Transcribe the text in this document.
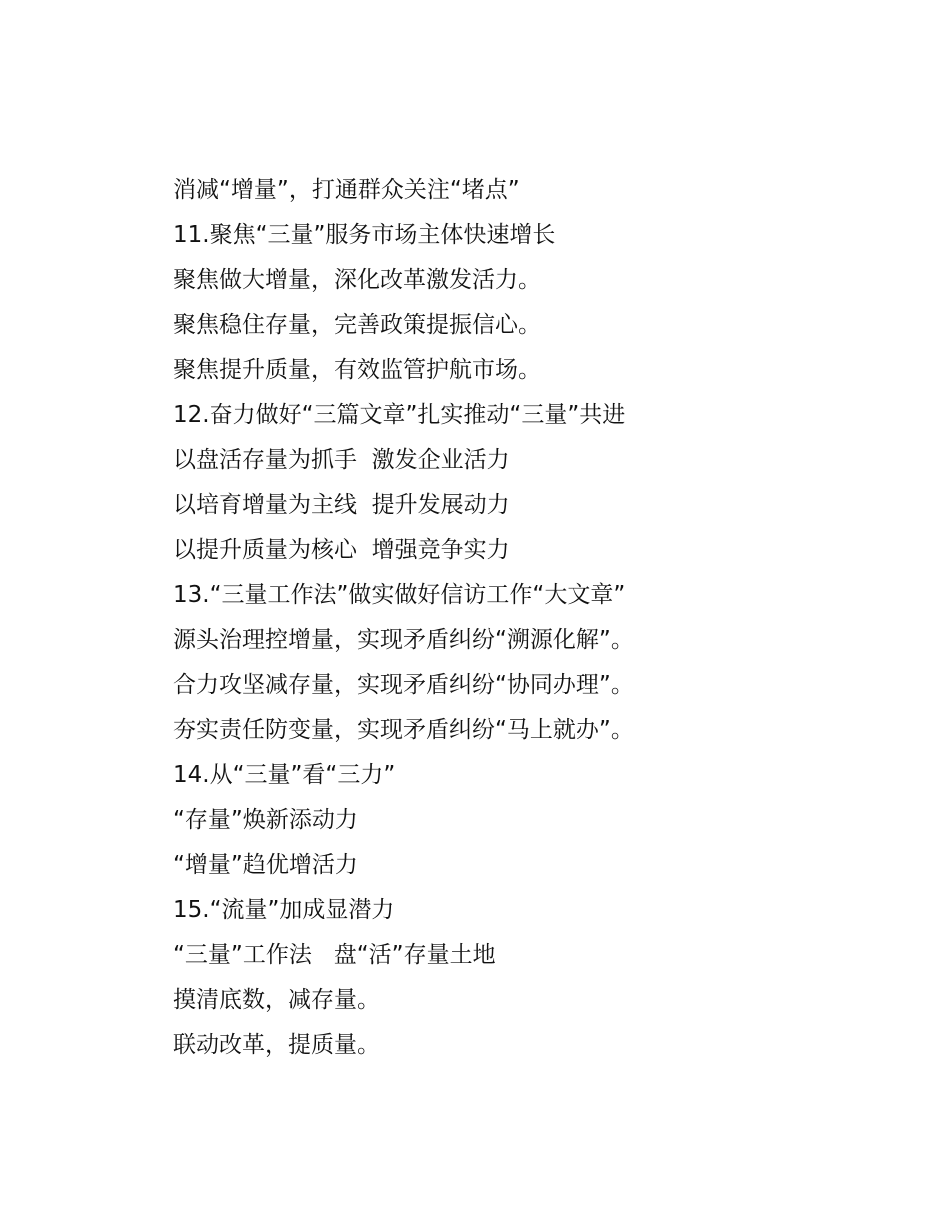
消减“增量”，打通群众关注“堵点”
11.聚焦“三量”服务市场主体快速增长
聚焦做大增量，深化改革激发活力。
聚焦稳住存量，完善政策提振信心。
聚焦提升质量，有效监管护航市场。
12.奋力做好“三篇文章”扎实推动“三量”共进
以盘活存量为抓手  激发企业活力
以培育增量为主线  提升发展动力
以提升质量为核心  增强竞争实力
13.“三量工作法”做实做好信访工作“大文章”
源头治理控增量，实现矛盾纠纷“溯源化解”。
合力攻坚减存量，实现矛盾纠纷“协同办理”。
夯实责任防变量，实现矛盾纠纷“马上就办”。
14.从“三量”看“三力”
“存量”焕新添动力
“增量”趋优增活力
15.“流量”加成显潜力
“三量”工作法   盘“活”存量土地
摸清底数，减存量。
联动改革，提质量。
